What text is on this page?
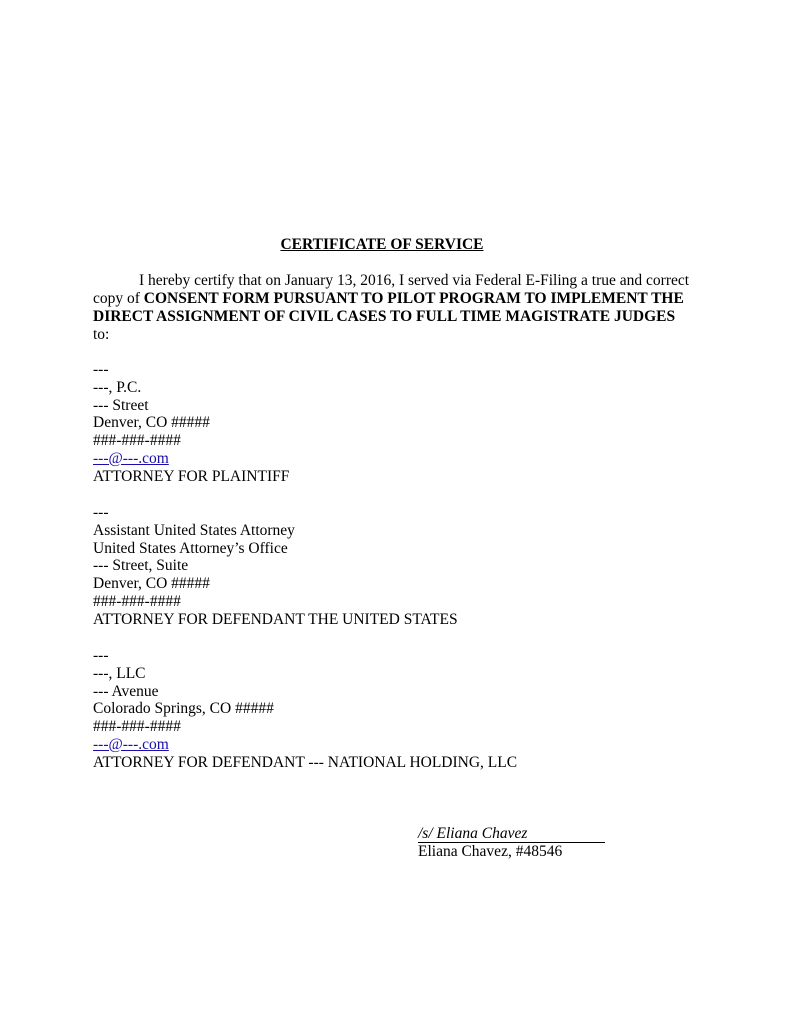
CERTIFICATE OF SERVICE
I hereby certify that on January 13, 2016, I served via Federal E-Filing a true and correct copy of CONSENT FORM PURSUANT TO PILOT PROGRAM TO IMPLEMENT THE DIRECT ASSIGNMENT OF CIVIL CASES TO FULL TIME MAGISTRATE JUDGES to:
---
---, P.C.
--- Street
Denver, CO #####
###-###-####
---@---.com
ATTORNEY FOR PLAINTIFF
---
Assistant United States Attorney
United States Attorney’s Office
--- Street, Suite
Denver, CO #####
###-###-####
ATTORNEY FOR DEFENDANT THE UNITED STATES
---
---, LLC
--- Avenue
Colorado Springs, CO #####
###-###-####
---@---.com
ATTORNEY FOR DEFENDANT --- NATIONAL HOLDING, LLC
/s/ Eliana Chavez
Eliana Chavez, #48546
